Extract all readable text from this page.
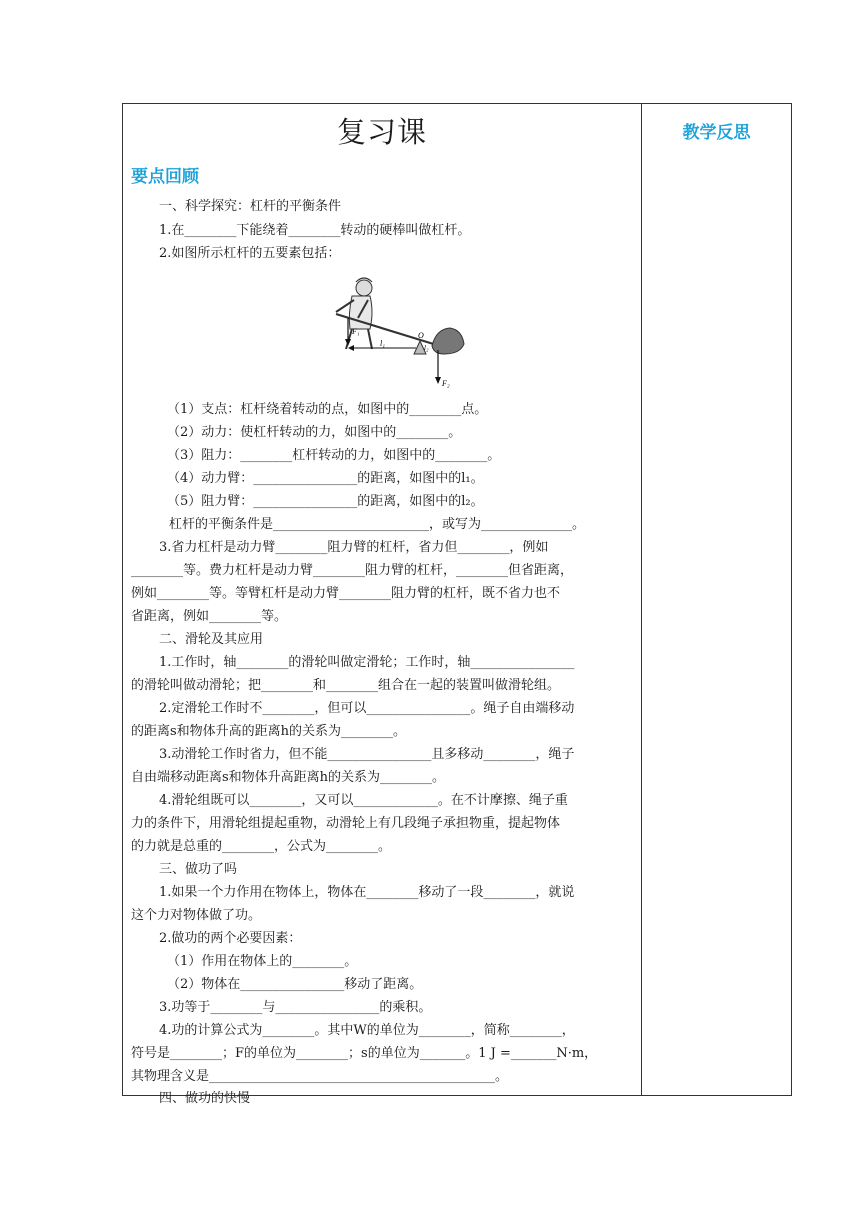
复习课
要点回顾
一、科学探究：杠杆的平衡条件
1.在________下能绕着________转动的硬棒叫做杠杆。
2.如图所示杠杆的五要素包括：
F₁	O
l₁	l₂
F₂
（1）支点：杠杆绕着转动的点，如图中的________点。
（2）动力：使杠杆转动的力，如图中的________。
（3）阻力：________杠杆转动的力，如图中的________。
（4）动力臂：________________的距离，如图中的l₁。
（5）阻力臂：________________的距离，如图中的l₂。
杠杆的平衡条件是________________________，或写为______________。
3.省力杠杆是动力臂________阻力臂的杠杆，省力但________，例如
________等。费力杠杆是动力臂________阻力臂的杠杆，________但省距离，
例如________等。等臂杠杆是动力臂________阻力臂的杠杆，既不省力也不
省距离，例如________等。
二、滑轮及其应用
1.工作时，轴________的滑轮叫做定滑轮；工作时，轴________________
的滑轮叫做动滑轮；把________和________组合在一起的装置叫做滑轮组。
2.定滑轮工作时不________，但可以________________。绳子自由端移动
的距离s和物体升高的距离h的关系为________。
3.动滑轮工作时省力，但不能________________且多移动________，绳子
自由端移动距离s和物体升高距离h的关系为________。
4.滑轮组既可以________，又可以_____________。在不计摩擦、绳子重
力的条件下，用滑轮组提起重物，动滑轮上有几段绳子承担物重，提起物体
的力就是总重的________，公式为________。
三、做功了吗
1.如果一个力作用在物体上，物体在________移动了一段________，就说
这个力对物体做了功。
2.做功的两个必要因素：
（1）作用在物体上的________。
（2）物体在________________移动了距离。
3.功等于________与________________的乘积。
4.功的计算公式为________。其中W的单位为________，简称________，
符号是________；F的单位为________；s的单位为_______。1 J =_______N·m，
其物理含义是____________________________________________。
四、做功的快慢
教学反思
